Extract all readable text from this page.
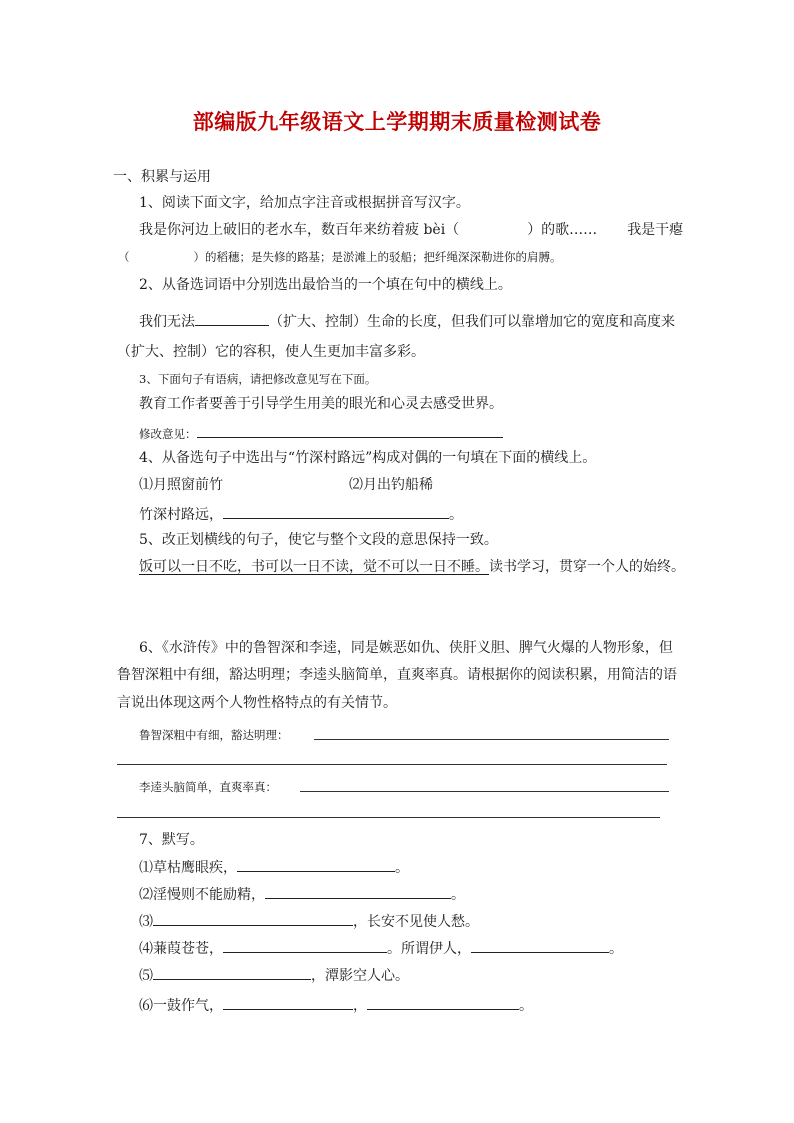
部编版九年级语文上学期期末质量检测试卷
一、积累与运用
1、阅读下面文字，给加点字注音或根据拼音写汉字。
我是你河边上破旧的老水车，数百年来纺着疲 bèi（	）的歌…… 我是干瘪
（	）的稻穗；是失修的路基；是淤滩上的驳船；把纤绳深深勒进你的肩膊。
2、从备选词语中分别选出最恰当的一个填在句中的横线上。
我们无法	（扩大、控制）生命的长度，但我们可以靠增加它的宽度和高度来
（扩大、控制）它的容积，使人生更加丰富多彩。
3、下面句子有语病，请把修改意见写在下面。
教育工作者要善于引导学生用美的眼光和心灵去感受世界。
修改意见：
4、从备选句子中选出与“竹深村路远”构成对偶的一句填在下面的横线上。
⑴月照窗前竹	⑵月出钓船稀
竹深村路远，	。
5、改正划横线的句子，使它与整个文段的意思保持一致。
饭可以一日不吃，书可以一日不读，觉不可以一日不睡。读书学习，贯穿一个人的始终。
6、《水浒传》中的鲁智深和李逵，同是嫉恶如仇、侠肝义胆、脾气火爆的人物形象，但
鲁智深粗中有细，豁达明理；李逵头脑简单，直爽率真。请根据你的阅读积累，用简洁的语
言说出体现这两个人物性格特点的有关情节。
鲁智深粗中有细，豁达明理：
李逵头脑简单，直爽率真：
7、默写。
⑴草枯鹰眼疾，	。
⑵淫慢则不能励精，	。
⑶	，长安不见使人愁。
⑷蒹葭苍苍，	。所谓伊人，	。
⑸	，潭影空人心。
⑹一鼓作气，	，	。
